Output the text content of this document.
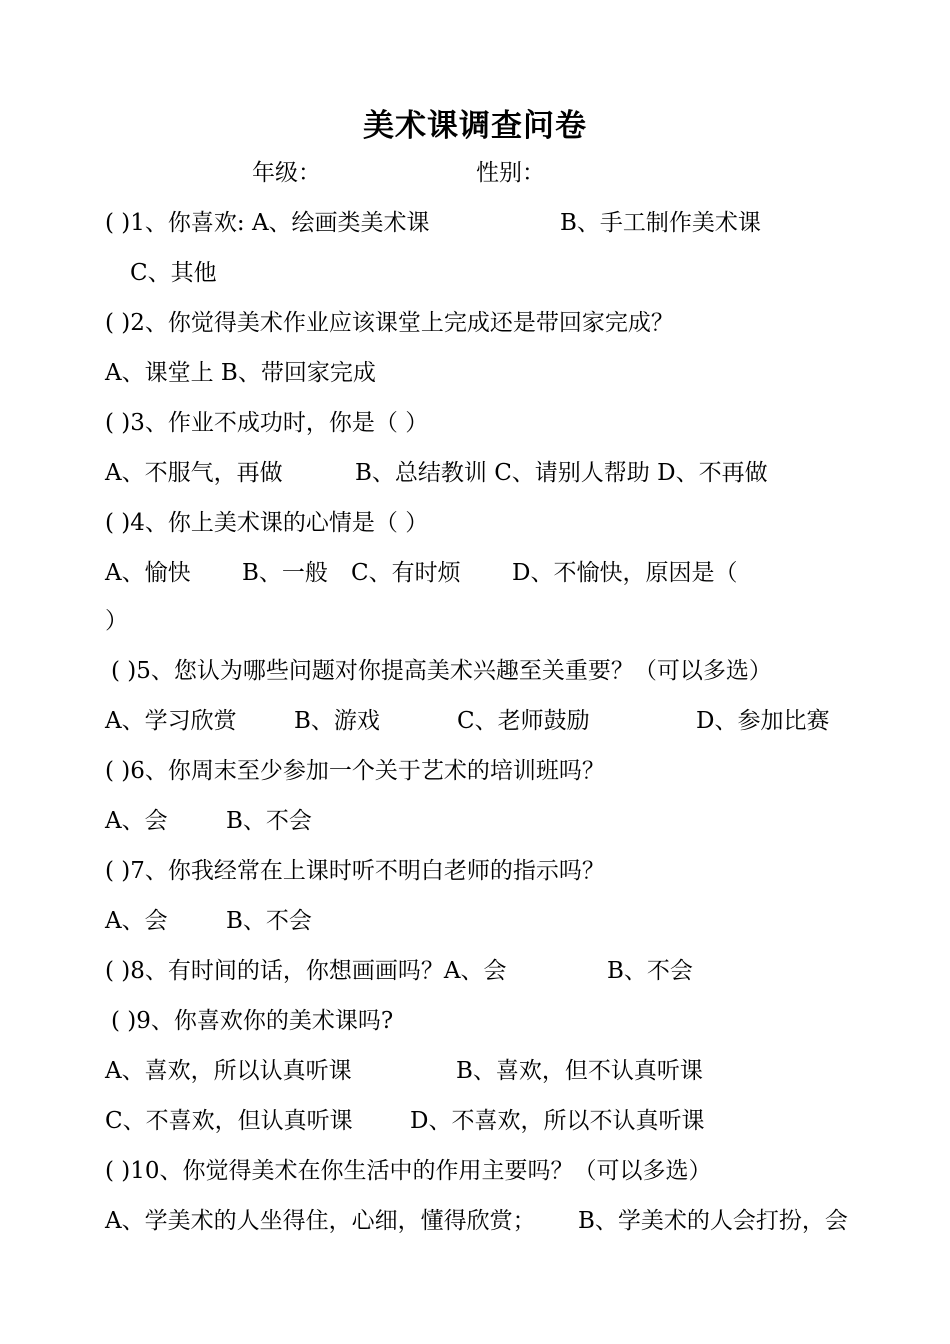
美术课调查问卷
年级：	性别：
( )1、你喜欢: A、绘画类美术课	B、手工制作美术课
C、其他
( )2、你觉得美术作业应该课堂上完成还是带回家完成？
A、课堂上 B、带回家完成
( )3、作业不成功时，你是（ ）
A、不服气，再做	B、总结教训 C、请别人帮助 D、不再做
( )4、你上美术课的心情是（ ）
A、愉快 B、一般 C、有时烦 D、不愉快，原因是（
）
( )5、您认为哪些问题对你提高美术兴趣至关重要？（可以多选）
A、学习欣赏 B、游戏	C、老师鼓励	D、参加比赛
( )6、你周末至少参加一个关于艺术的培训班吗？
A、会	B、不会
( )7、你我经常在上课时听不明白老师的指示吗？
A、会	B、不会
( )8、有时间的话，你想画画吗？A、会	B、不会
( )9、你喜欢你的美术课吗?
A、喜欢，所以认真听课	B、喜欢，但不认真听课
C、不喜欢，但认真听课 D、不喜欢，所以不认真听课
( )10、你觉得美术在你生活中的作用主要吗？（可以多选）
A、学美术的人坐得住，心细，懂得欣赏； B、学美术的人会打扮，会
